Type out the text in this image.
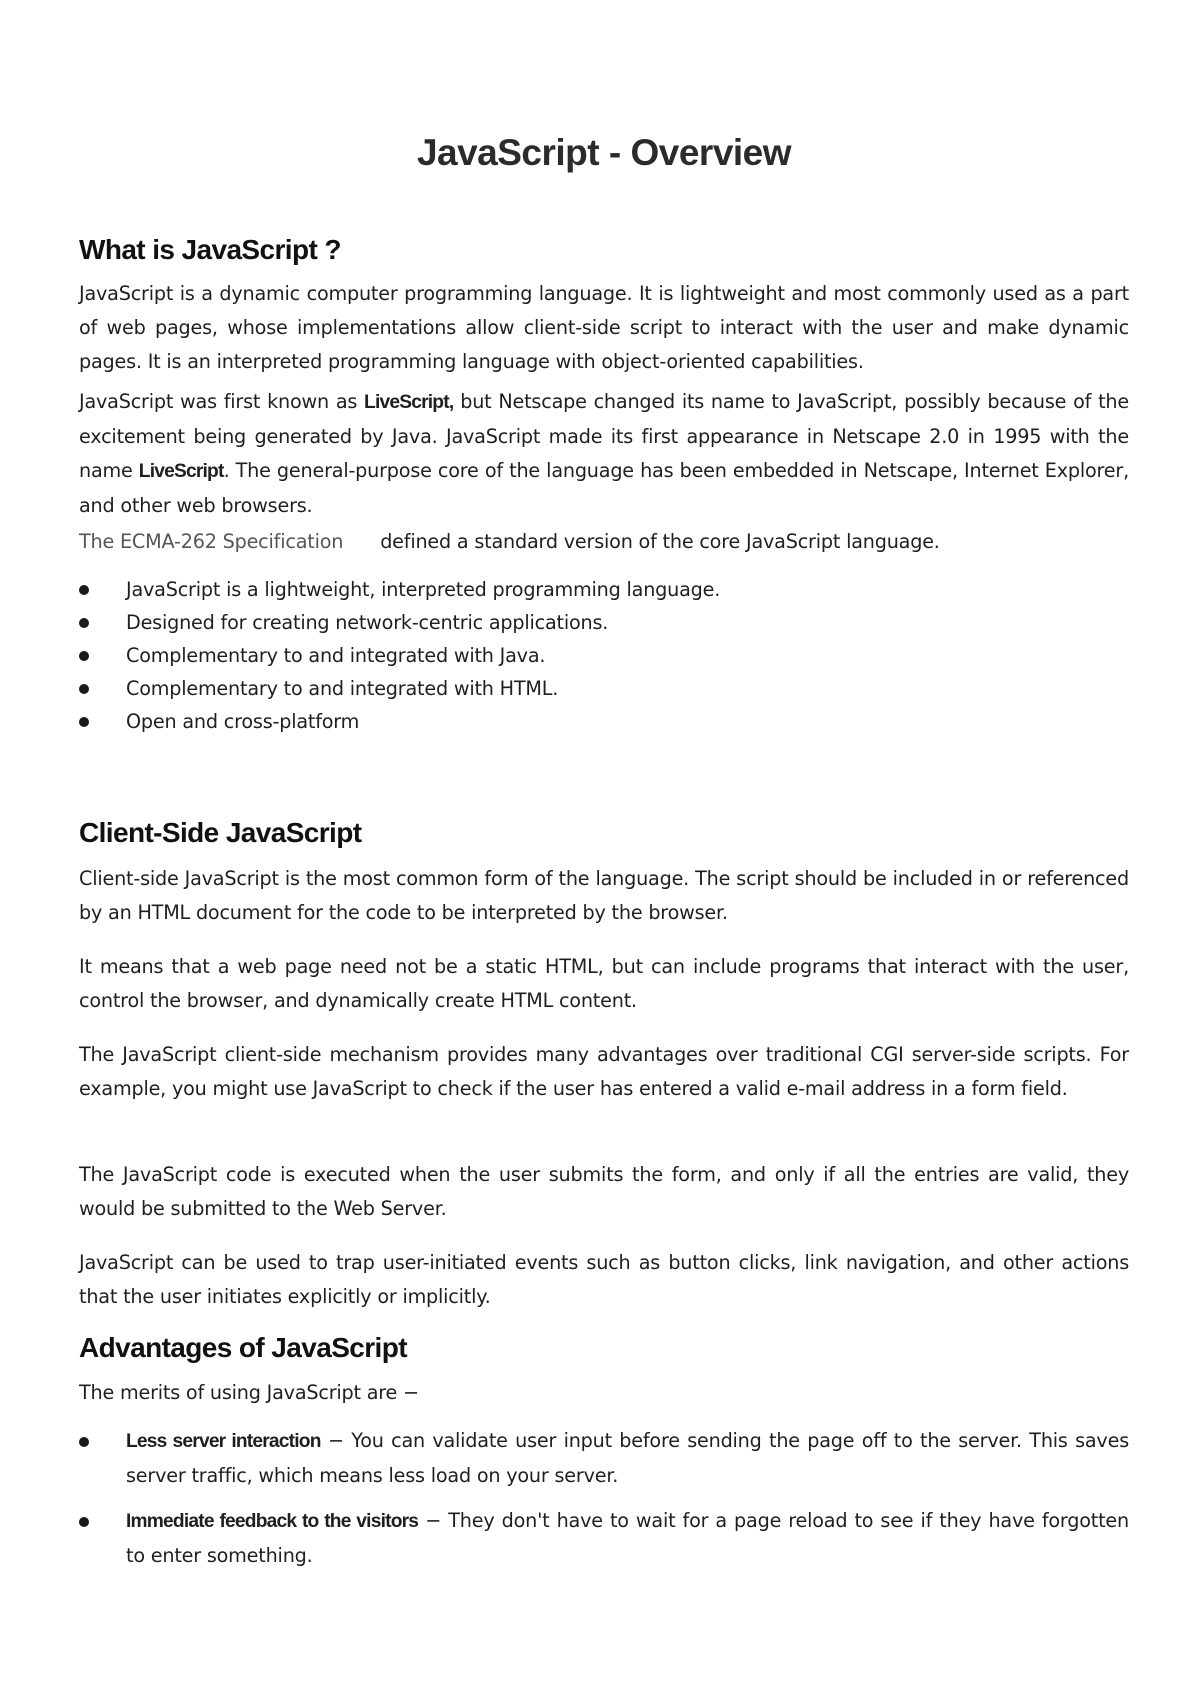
JavaScript - Overview
What is JavaScript ?

JavaScript is a dynamic computer programming language. It is lightweight and most commonly used as a part of web pages, whose implementations allow client-side script to interact with the user and make dynamic pages. It is an interpreted programming language with object-oriented capabilities.

JavaScript was first known as LiveScript, but Netscape changed its name to JavaScript, possibly because of the excitement being generated by Java. JavaScript made its first appearance in Netscape 2.0 in 1995 with the name LiveScript. The general-purpose core of the language has been embedded in Netscape, Internet Explorer, and other web browsers.

The ECMA-262 Specification defined a standard version of the core JavaScript language.

JavaScript is a lightweight, interpreted programming language.
Designed for creating network-centric applications.
Complementary to and integrated with Java.
Complementary to and integrated with HTML.
Open and cross-platform
Client-Side JavaScript

Client-side JavaScript is the most common form of the language. The script should be included in or referenced by an HTML document for the code to be interpreted by the browser.

It means that a web page need not be a static HTML, but can include programs that interact with the user, control the browser, and dynamically create HTML content.

The JavaScript client-side mechanism provides many advantages over traditional CGI server-side scripts. For example, you might use JavaScript to check if the user has entered a valid e-mail address in a form field.

The JavaScript code is executed when the user submits the form, and only if all the entries are valid, they would be submitted to the Web Server.

JavaScript can be used to trap user-initiated events such as button clicks, link navigation, and other actions that the user initiates explicitly or implicitly.

Advantages of JavaScript

The merits of using JavaScript are −

Less server interaction − You can validate user input before sending the page off to the server. This saves server traffic, which means less load on your server.
Immediate feedback to the visitors − They don't have to wait for a page reload to see if they have forgotten to enter something.
